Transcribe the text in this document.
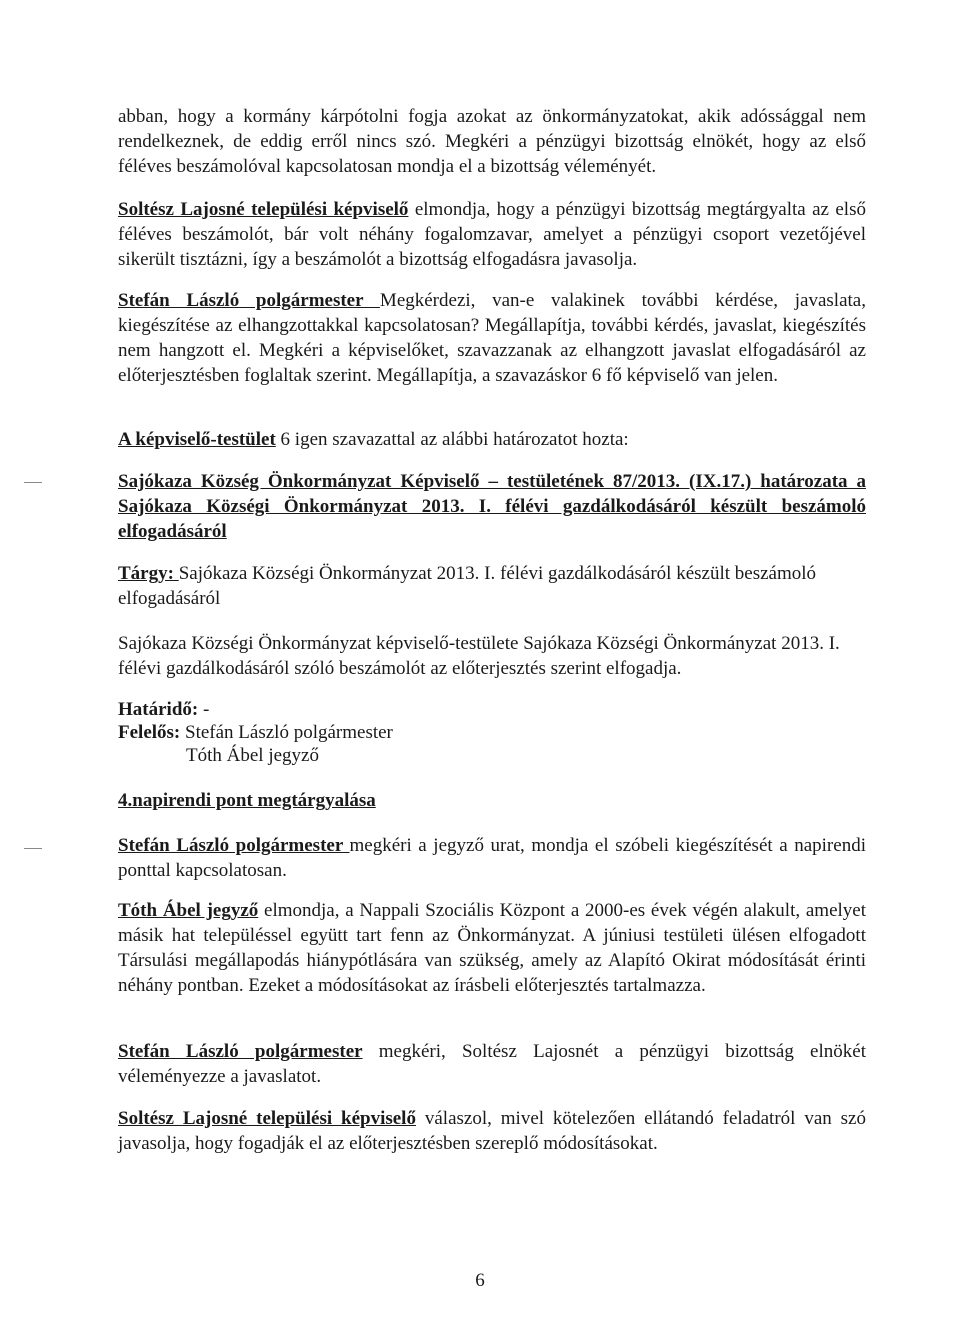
abban, hogy a kormány kárpótolni fogja azokat az önkormányzatokat, akik adóssággal nem rendelkeznek, de eddig erről nincs szó. Megkéri a pénzügyi bizottság elnökét, hogy az első féléves beszámolóval kapcsolatosan mondja el a bizottság véleményét.

Soltész Lajosné települési képviselő elmondja, hogy a pénzügyi bizottság megtárgyalta az első féléves beszámolót, bár volt néhány fogalomzavar, amelyet a pénzügyi csoport vezetőjével sikerült tisztázni, így a beszámolót a bizottság elfogadásra javasolja.

Stefán László polgármester Megkérdezi, van-e valakinek további kérdése, javaslata, kiegészítése az elhangzottakkal kapcsolatosan? Megállapítja, további kérdés, javaslat, kiegészítés nem hangzott el. Megkéri a képviselőket, szavazzanak az elhangzott javaslat elfogadásáról az előterjesztésben foglaltak szerint. Megállapítja, a szavazáskor 6 fő képviselő van jelen.

A képviselő-testület 6 igen szavazattal az alábbi határozatot hozta:

Sajókaza Község Önkormányzat Képviselő – testületének 87/2013. (IX.17.) határozata a Sajókaza Községi Önkormányzat 2013. I. félévi gazdálkodásáról készült beszámoló elfogadásáról

Tárgy: Sajókaza Községi Önkormányzat 2013. I. félévi gazdálkodásáról készült beszámoló elfogadásáról

Sajókaza Községi Önkormányzat képviselő-testülete Sajókaza Községi Önkormányzat 2013. I. félévi gazdálkodásáról szóló beszámolót az előterjesztés szerint elfogadja.

Határidő: -

Felelős: Stefán László polgármester

Tóth Ábel jegyző

4.napirendi pont megtárgyalása

Stefán László polgármester megkéri a jegyző urat, mondja el szóbeli kiegészítését a napirendi ponttal kapcsolatosan.

Tóth Ábel jegyző elmondja, a Nappali Szociális Központ a 2000-es évek végén alakult, amelyet másik hat településsel együtt tart fenn az Önkormányzat. A júniusi testületi ülésen elfogadott Társulási megállapodás hiánypótlására van szükség, amely az Alapító Okirat módosítását érinti néhány pontban. Ezeket a módosításokat az írásbeli előterjesztés tartalmazza.

Stefán László polgármester megkéri, Soltész Lajosnét a pénzügyi bizottság elnökét véleményezze a javaslatot.

Soltész Lajosné települési képviselő válaszol, mivel kötelezően ellátandó feladatról van szó javasolja, hogy fogadják el az előterjesztésben szereplő módosításokat.

6
